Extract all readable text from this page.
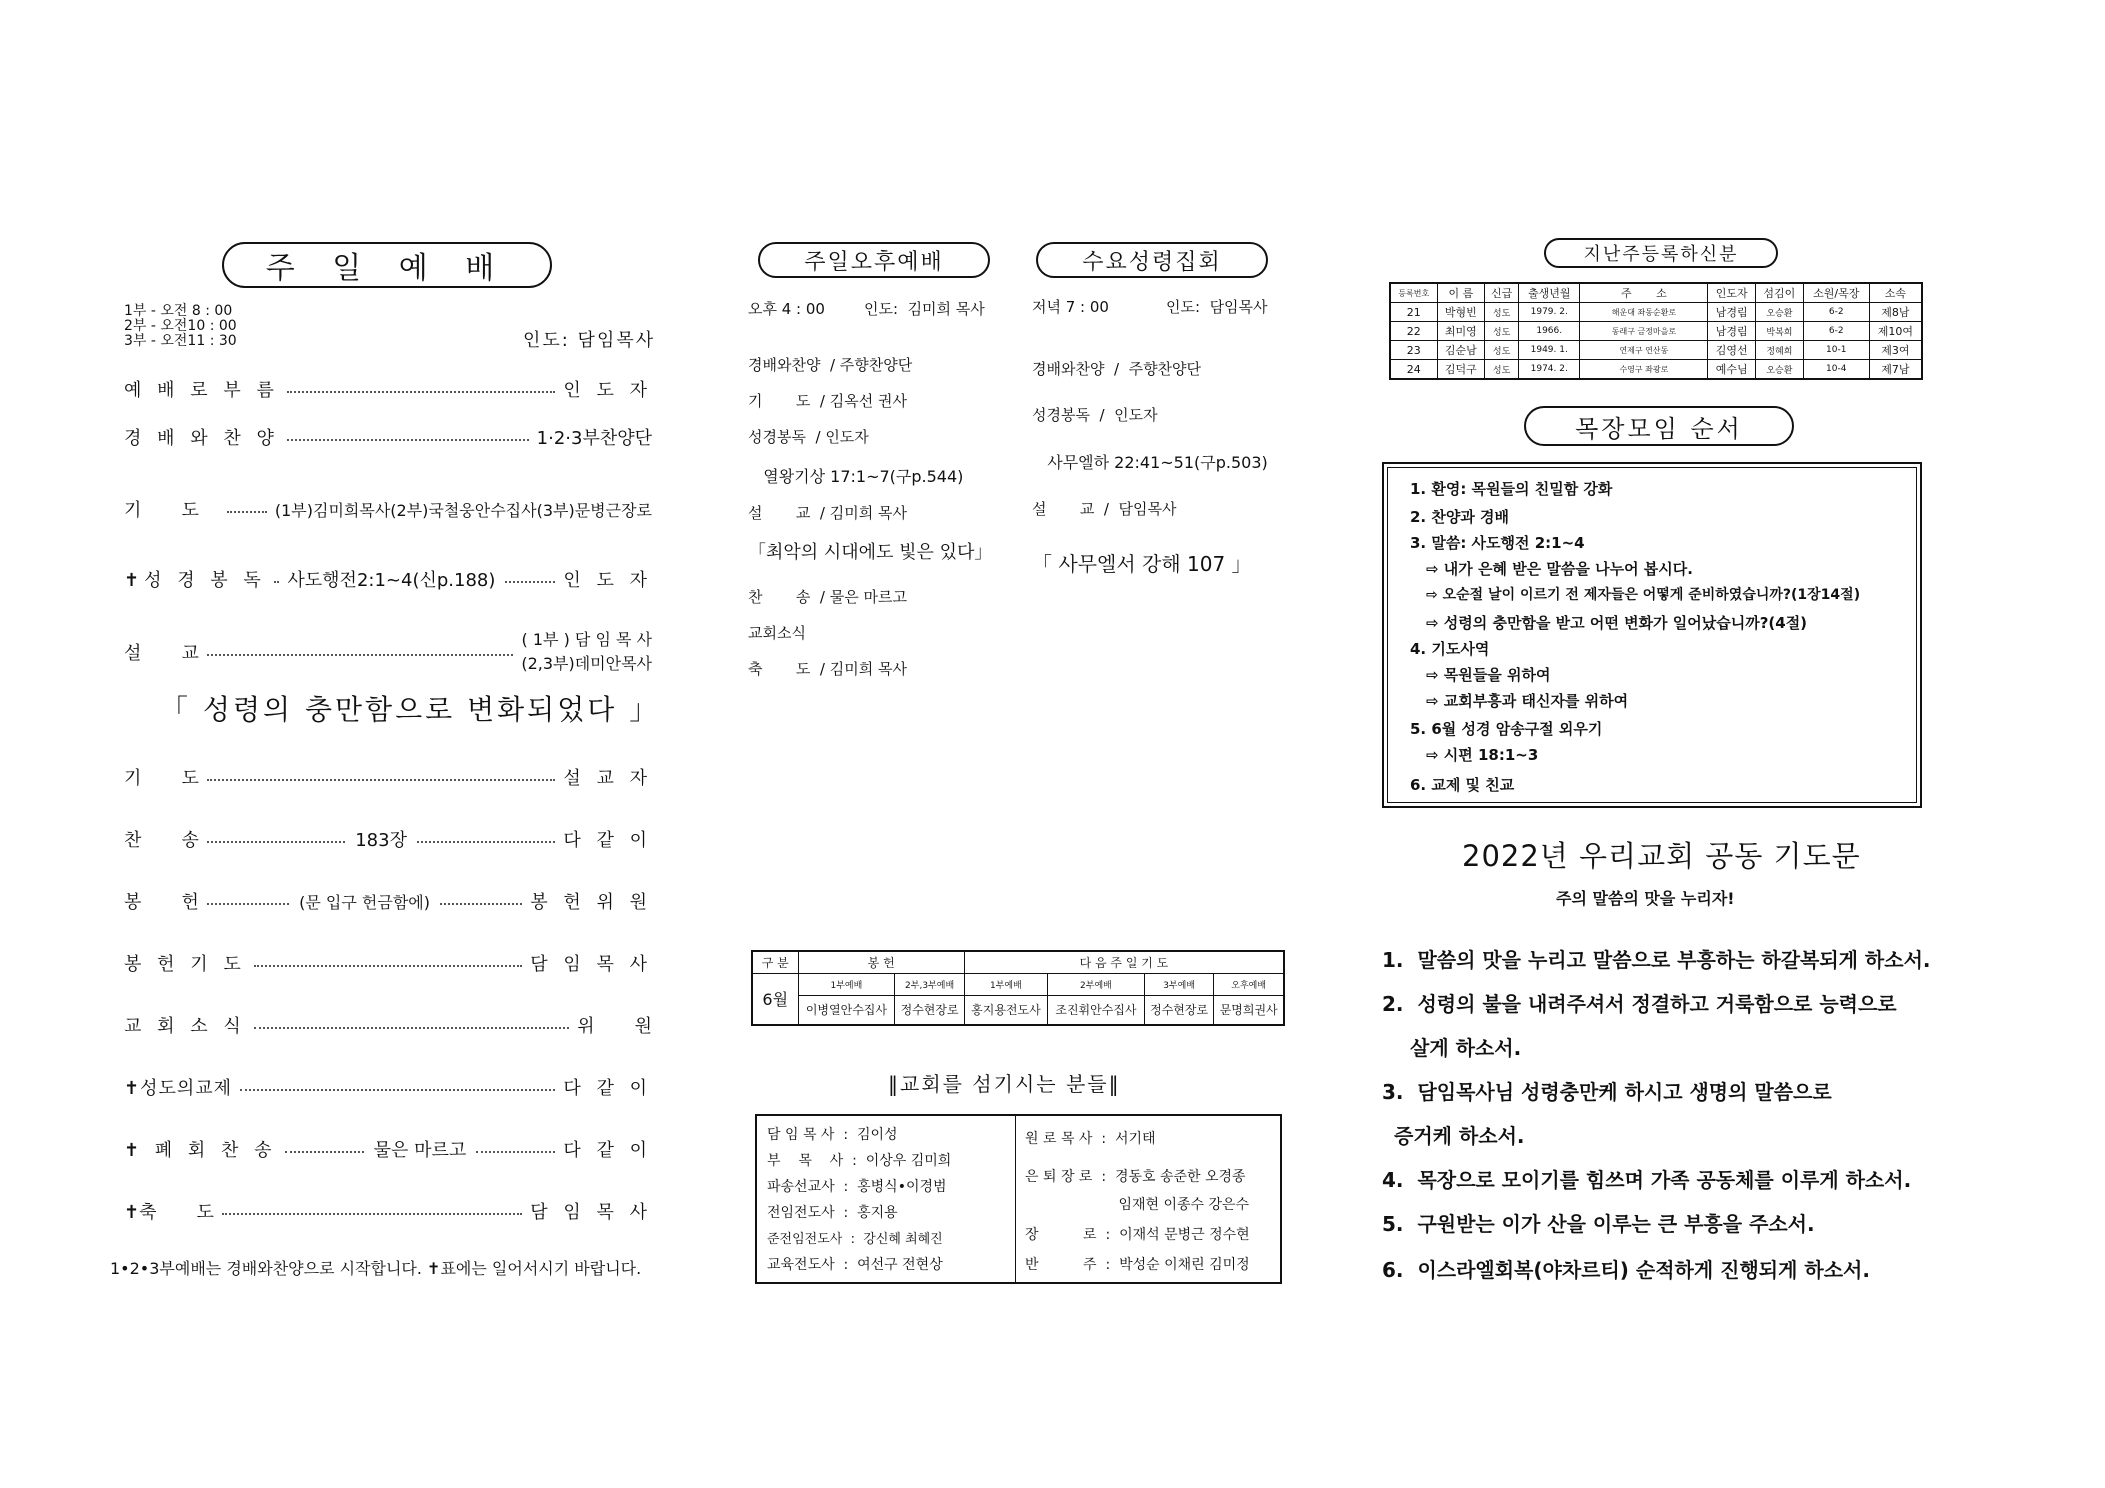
주 일 예 배
1부 - 오전 8 : 00
2부 - 오전10 : 00
3부 - 오전11 : 30	인도: 담임목사
예 배 로 부 름	인 도 자
경 배 와 찬 양	1·2·3부찬양단
기       도	(1부)김미희목사(2부)국철웅안수집사(3부)문병근장로
✝성 경 봉 독 사도행전2:1~4(신p.188)	인 도 자
설       교
( 1부 ) 담 임 목 사
(2,3부)데미안목사
「 성령의 충만함으로 변화되었다 」
기       도	설 교 자
찬       송	183장	다 같 이
봉       헌	(문 입구 헌금함에)	봉 헌 위 원
봉 헌 기 도	담 임 목 사
교 회 소 식	위       원
✝성도의교제	다 같 이
✝ 폐 회 찬 송	물은 마르고	다 같 이
✝축       도	담 임 목 사
1•2•3부예배는 경배와찬양으로 시작합니다. ✝표에는 일어서시기 바랍니다.
주일오후예배	수요성령집회
오후 4 : 00	인도:  김미희 목사
경배와찬양  / 주향찬양단
기       도  / 김옥선 권사
성경봉독  / 인도자
열왕기상 17:1~7(구p.544)
설       교  / 김미희 목사
「최악의 시대에도 빛은 있다」
찬       송  / 물은 마르고
교회소식
축       도  / 김미희 목사
저녁 7 : 00	인도:  담임목사
경배와찬양  /  주향찬양단
성경봉독  /  인도자
사무엘하 22:41~51(구p.503)
설       교  /  담임목사
「 사무엘서 강해 107 」
구 분	봉 헌		다 음 주 일 기 도			
6월	1부예배	2부,3부예배	1부예배	2부예배	3부예배	오후예배
	이병열안수집사	정수현장로	홍지용전도사	조진휘안수집사	정수현장로	문명희권사
‖교회를 섬기시는 분들‖
담 임 목 사  :  김이성
부    목    사  :  이상우 김미희
파송선교사  :  홍병식•이경범
전임전도사  :  홍지용
준전임전도사  :  강신혜 최혜진
교육전도사  :  여선구 전현상
원 로 목 사  :  서기태
은 퇴 장 로  :  경동호 송준한 오경종
임재현 이종수 강은수
장          로  :  이재석 문병근 정수현
반          주  :  박성순 이채린 김미정
지난주등록하신분
등록번호	이 름	신급	출생년월	주       소	인도자	섬김이	소원/목장	소속
21	박형빈	성도	1979. 2.	해운대 좌동순환로	남경림	오승환	6-2	제8남
22	최미영	성도	1966.	동래구 금정마을로	남경림	박복희	6-2	제10여
23	김순남	성도	1949. 1.	연제구 연산동	김영선	정혜희	10-1	제3여
24	김덕구	성도	1974. 2.	수영구 좌광로	예수님	오승환	10-4	제7남
목장모임 순서
1. 환영: 목원들의 친밀함 강화
2. 찬양과 경배
3. 말씀: 사도행전 2:1~4
⇨ 내가 은혜 받은 말씀을 나누어 봅시다.
⇨ 오순절 날이 이르기 전 제자들은 어떻게 준비하였습니까?(1장14절)
⇨ 성령의 충만함을 받고 어떤 변화가 일어났습니까?(4절)
4. 기도사역
⇨ 목원들을 위하여
⇨ 교회부흥과 태신자를 위하여
5. 6월 성경 암송구절 외우기
⇨ 시편 18:1~3
6. 교제 및 친교
2022년 우리교회 공동 기도문
주의 말씀의 맛을 누리자!
1.  말씀의 맛을 누리고 말씀으로 부흥하는 하갈복되게 하소서.
2.  성령의 불을 내려주셔서 정결하고 거룩함으로 능력으로
살게 하소서.
3.  담임목사님 성령충만케 하시고 생명의 말씀으로
증거케 하소서.
4.  목장으로 모이기를 힘쓰며 가족 공동체를 이루게 하소서.
5.  구원받는 이가 산을 이루는 큰 부흥을 주소서.
6.  이스라엘회복(야차르티) 순적하게 진행되게 하소서.
